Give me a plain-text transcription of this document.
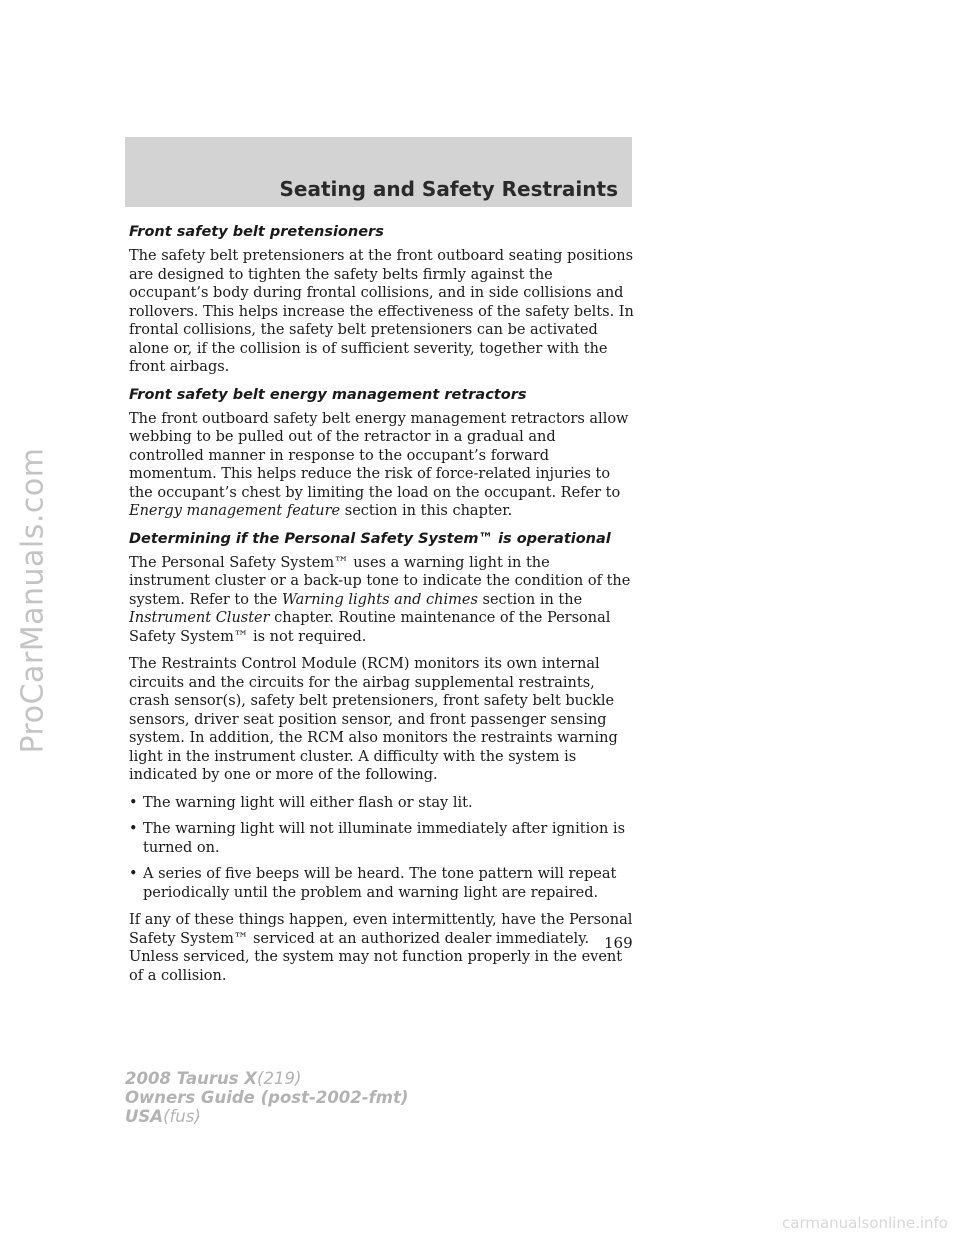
ProCarManuals.com
Seating and Safety Restraints
Front safety belt pretensioners

The safety belt pretensioners at the front outboard seating positions are designed to tighten the safety belts firmly against the occupant’s body during frontal collisions, and in side collisions and rollovers. This helps increase the effectiveness of the safety belts. In frontal collisions, the safety belt pretensioners can be activated alone or, if the collision is of sufficient severity, together with the front airbags.

Front safety belt energy management retractors

The front outboard safety belt energy management retractors allow webbing to be pulled out of the retractor in a gradual and controlled manner in response to the occupant’s forward momentum. This helps reduce the risk of force-related injuries to the occupant’s chest by limiting the load on the occupant. Refer to Energy management feature section in this chapter.

Determining if the Personal Safety System™ is operational

The Personal Safety System™ uses a warning light in the instrument cluster or a back-up tone to indicate the condition of the system. Refer to the Warning lights and chimes section in the Instrument Cluster chapter. Routine maintenance of the Personal Safety System™ is not required.

The Restraints Control Module (RCM) monitors its own internal circuits and the circuits for the airbag supplemental restraints, crash sensor(s), safety belt pretensioners, front safety belt buckle sensors, driver seat position sensor, and front passenger sensing system. In addition, the RCM also monitors the restraints warning light in the instrument cluster. A difficulty with the system is indicated by one or more of the following.

• The warning light will either flash or stay lit.
• The warning light will not illuminate immediately after ignition is turned on.
• A series of five beeps will be heard. The tone pattern will repeat periodically until the problem and warning light are repaired.

If any of these things happen, even intermittently, have the Personal Safety System™ serviced at an authorized dealer immediately. Unless serviced, the system may not function properly in the event of a collision.

169
2008 Taurus X(219)
Owners Guide (post-2002-fmt)
USA(fus)
carmanualsonline.info
